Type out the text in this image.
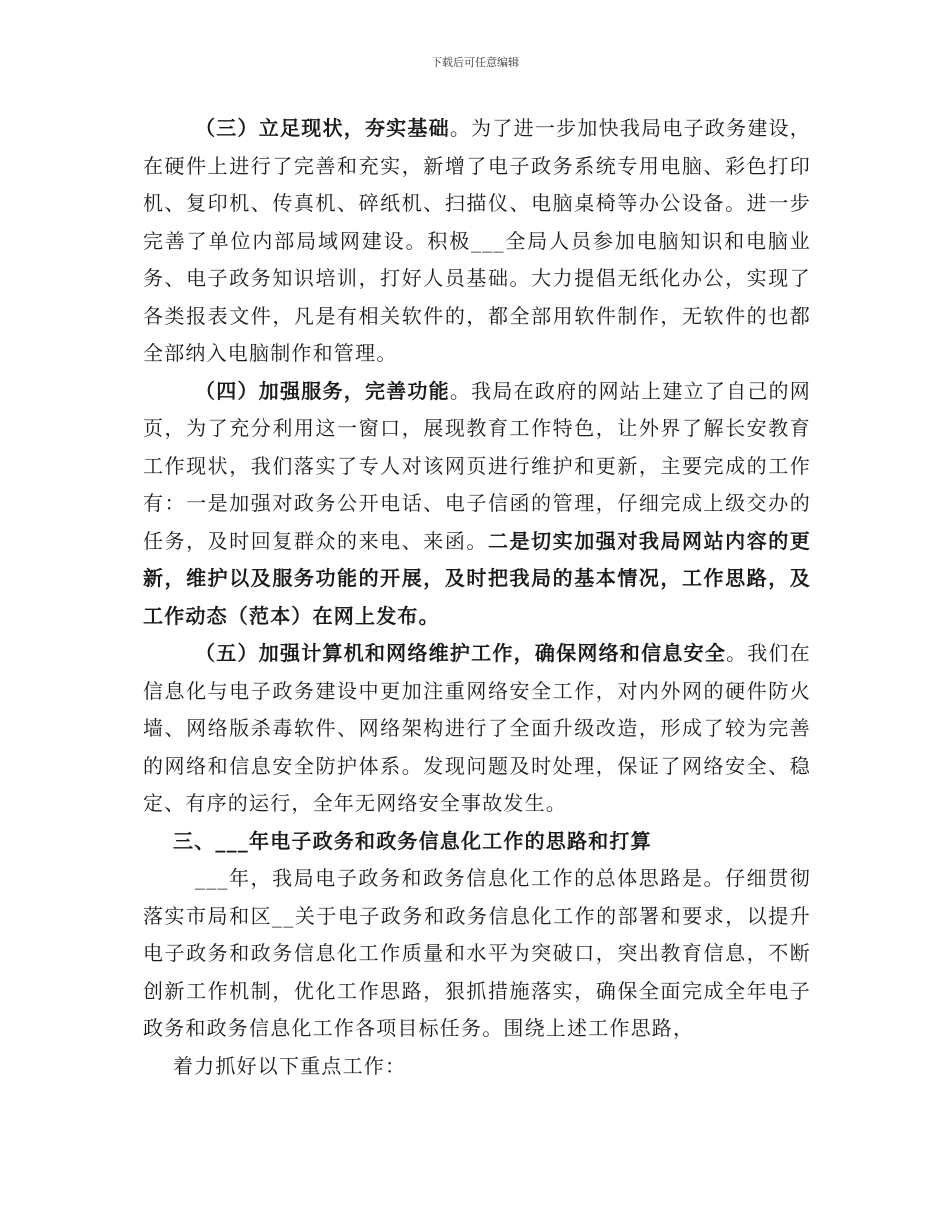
下载后可任意编辑

（三）立足现状，夯实基础。为了进一步加快我局电子政务建设，在硬件上进行了完善和充实，新增了电子政务系统专用电脑、彩色打印机、复印机、传真机、碎纸机、扫描仪、电脑桌椅等办公设备。进一步完善了单位内部局域网建设。积极___全局人员参加电脑知识和电脑业务、电子政务知识培训，打好人员基础。大力提倡无纸化办公，实现了各类报表文件，凡是有相关软件的，都全部用软件制作，无软件的也都全部纳入电脑制作和管理。

（四）加强服务，完善功能。我局在政府的网站上建立了自己的网页，为了充分利用这一窗口，展现教育工作特色，让外界了解长安教育工作现状，我们落实了专人对该网页进行维护和更新，主要完成的工作有：一是加强对政务公开电话、电子信函的管理，仔细完成上级交办的任务，及时回复群众的来电、来函。二是切实加强对我局网站内容的更新，维护以及服务功能的开展，及时把我局的基本情况，工作思路，及工作动态（范本）在网上发布。

（五）加强计算机和网络维护工作，确保网络和信息安全。我们在信息化与电子政务建设中更加注重网络安全工作，对内外网的硬件防火墙、网络版杀毒软件、网络架构进行了全面升级改造，形成了较为完善的网络和信息安全防护体系。发现问题及时处理，保证了网络安全、稳定、有序的运行，全年无网络安全事故发生。

三、___年电子政务和政务信息化工作的思路和打算

___年，我局电子政务和政务信息化工作的总体思路是。仔细贯彻落实市局和区__关于电子政务和政务信息化工作的部署和要求，以提升电子政务和政务信息化工作质量和水平为突破口，突出教育信息，不断创新工作机制，优化工作思路，狠抓措施落实，确保全面完成全年电子政务和政务信息化工作各项目标任务。围绕上述工作思路，

着力抓好以下重点工作：
